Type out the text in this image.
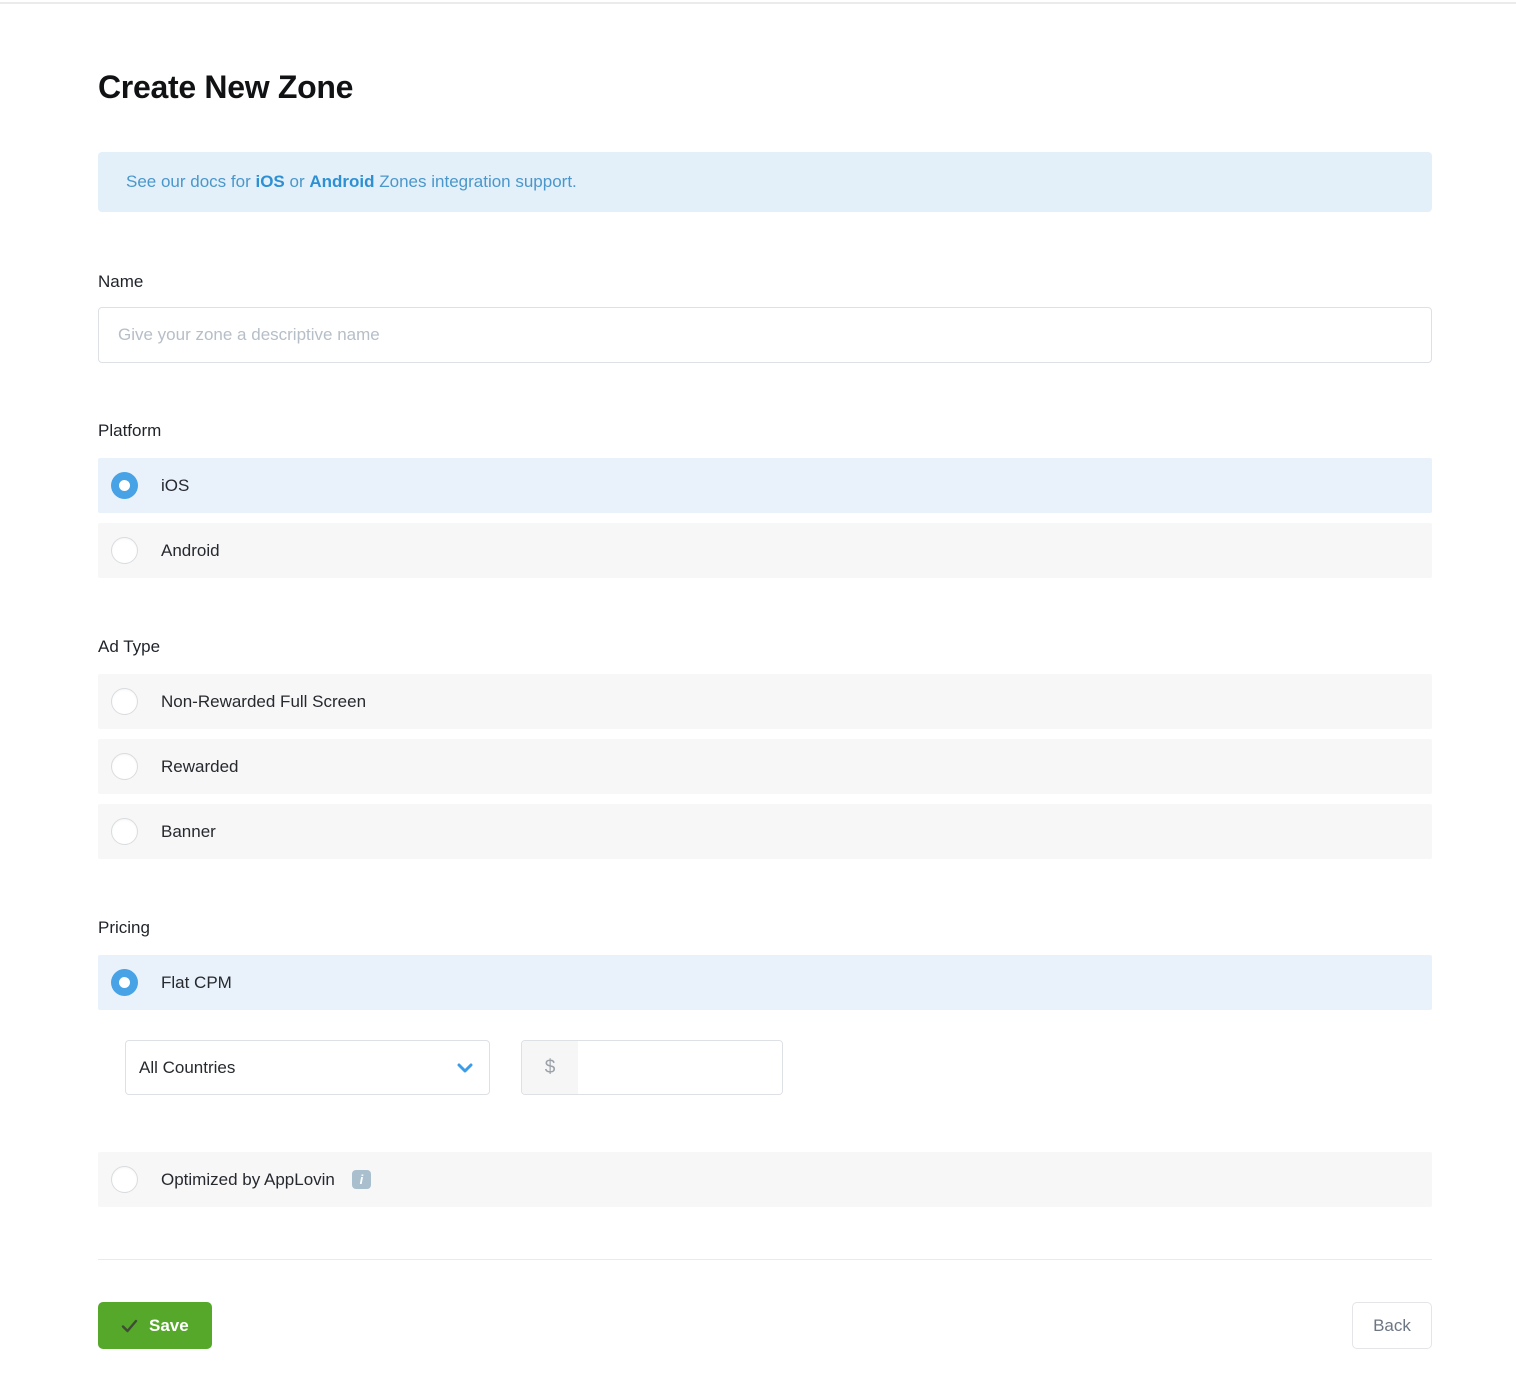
Create New Zone
See our docs for
iOS
or
Android
Zones integration support.
Name
Give your zone a descriptive name
Platform
iOS
Android
Ad Type
Non-Rewarded Full Screen
Rewarded
Banner
Pricing
Flat CPM
All Countries	$
Optimized by AppLovin	i
Save	Back
